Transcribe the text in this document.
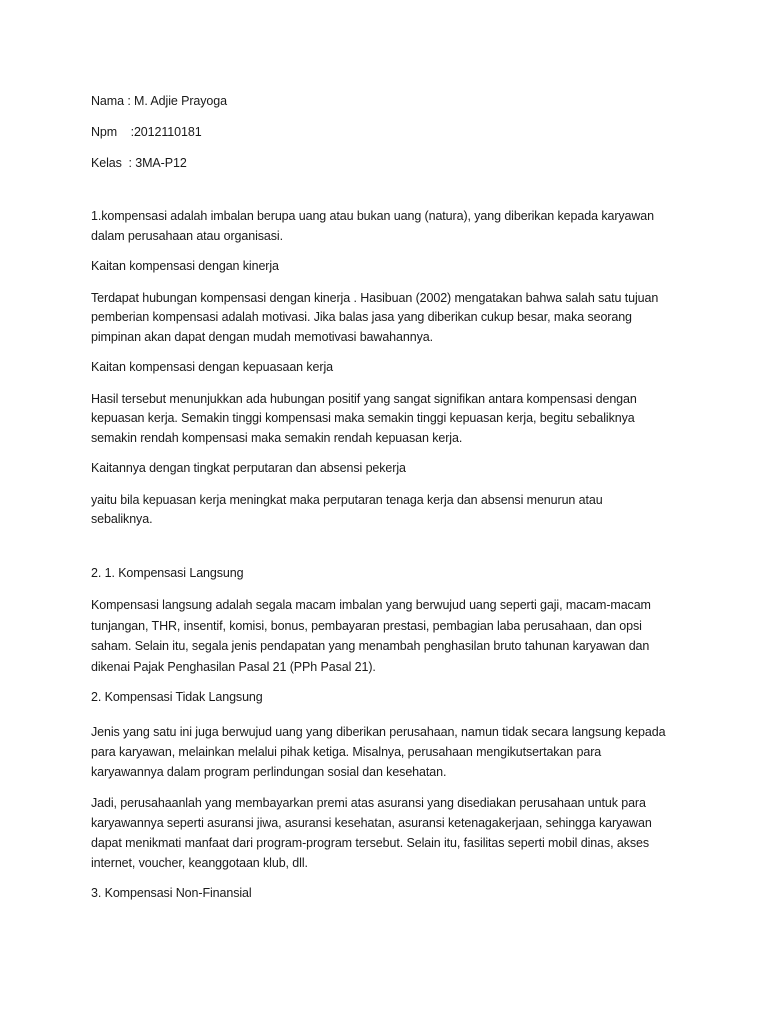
Nama : M. Adjie Prayoga
Npm    :2012110181
Kelas  : 3MA-P12

1.kompensasi adalah imbalan berupa uang atau bukan uang (natura), yang diberikan kepada karyawan
dalam perusahaan atau organisasi.

Kaitan kompensasi dengan kinerja

Terdapat hubungan kompensasi dengan kinerja . Hasibuan (2002) mengatakan bahwa salah satu tujuan
pemberian kompensasi adalah motivasi. Jika balas jasa yang diberikan cukup besar, maka seorang
pimpinan akan dapat dengan mudah memotivasi bawahannya.

Kaitan kompensasi dengan kepuasaan kerja

Hasil tersebut menunjukkan ada hubungan positif yang sangat signifikan antara kompensasi dengan
kepuasan kerja. Semakin tinggi kompensasi maka semakin tinggi kepuasan kerja, begitu sebaliknya
semakin rendah kompensasi maka semakin rendah kepuasan kerja.

Kaitannya dengan tingkat perputaran dan absensi pekerja

yaitu bila kepuasan kerja meningkat maka perputaran tenaga kerja dan absensi menurun atau
sebaliknya.

2. 1. Kompensasi Langsung

Kompensasi langsung adalah segala macam imbalan yang berwujud uang seperti gaji, macam-macam
tunjangan, THR, insentif, komisi, bonus, pembayaran prestasi, pembagian laba perusahaan, dan opsi
saham. Selain itu, segala jenis pendapatan yang menambah penghasilan bruto tahunan karyawan dan
dikenai Pajak Penghasilan Pasal 21 (PPh Pasal 21).

2. Kompensasi Tidak Langsung

Jenis yang satu ini juga berwujud uang yang diberikan perusahaan, namun tidak secara langsung kepada
para karyawan, melainkan melalui pihak ketiga. Misalnya, perusahaan mengikutsertakan para
karyawannya dalam program perlindungan sosial dan kesehatan.

Jadi, perusahaanlah yang membayarkan premi atas asuransi yang disediakan perusahaan untuk para
karyawannya seperti asuransi jiwa, asuransi kesehatan, asuransi ketenagakerjaan, sehingga karyawan
dapat menikmati manfaat dari program-program tersebut. Selain itu, fasilitas seperti mobil dinas, akses
internet, voucher, keanggotaan klub, dll.

3. Kompensasi Non-Finansial
